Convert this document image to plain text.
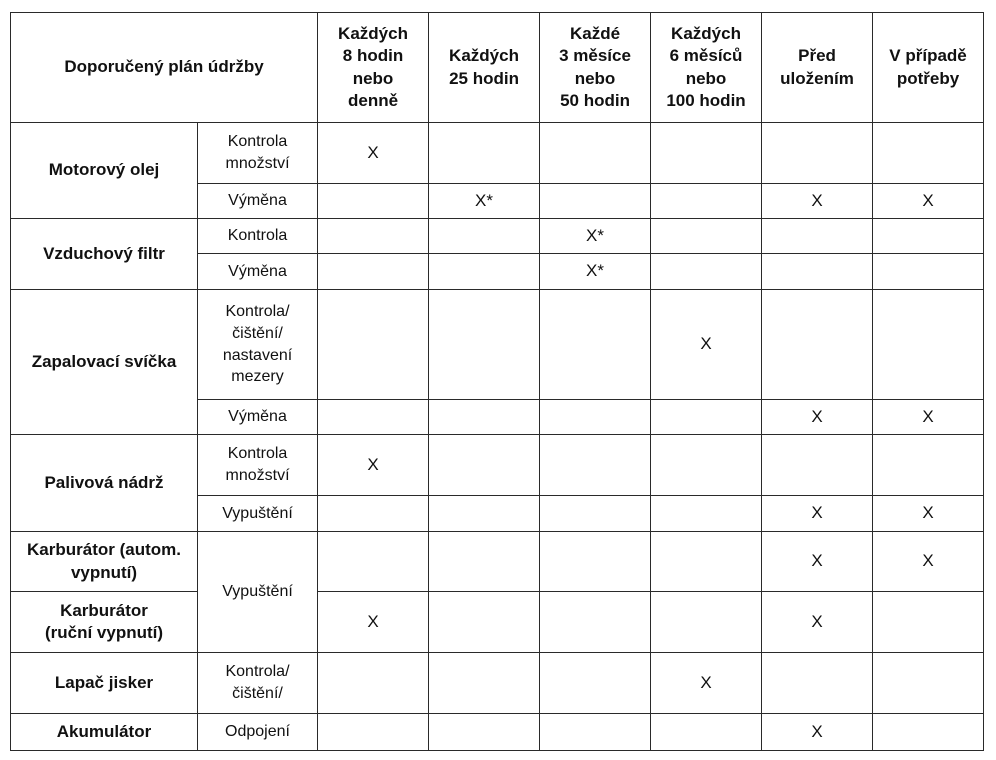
Doporučený plán údržby		Každých
8 hodin
nebo
denně	Každých
25 hodin	Každé
3 měsíce
nebo
50 hodin	Každých
6 měsíců
nebo
100 hodin	Před
uložením	V případě
potřeby
Motorový olej	Kontrola
množství	X					
	Výměna		X*			X	X
Vzduchový filtr	Kontrola			X*			
	Výměna			X*			
Zapalovací svíčka	Kontrola/
čištění/
nastavení
mezery				X		
	Výměna					X	X
Palivová nádrž	Kontrola
množství	X					
	Vypuštění					X	X
Karburátor (autom.
vypnutí)	Vypuštění					X	X
Karburátor
(ruční vypnutí)		X				X	
Lapač jisker	Kontrola/
čištění/				X		
Akumulátor	Odpojení					X	
